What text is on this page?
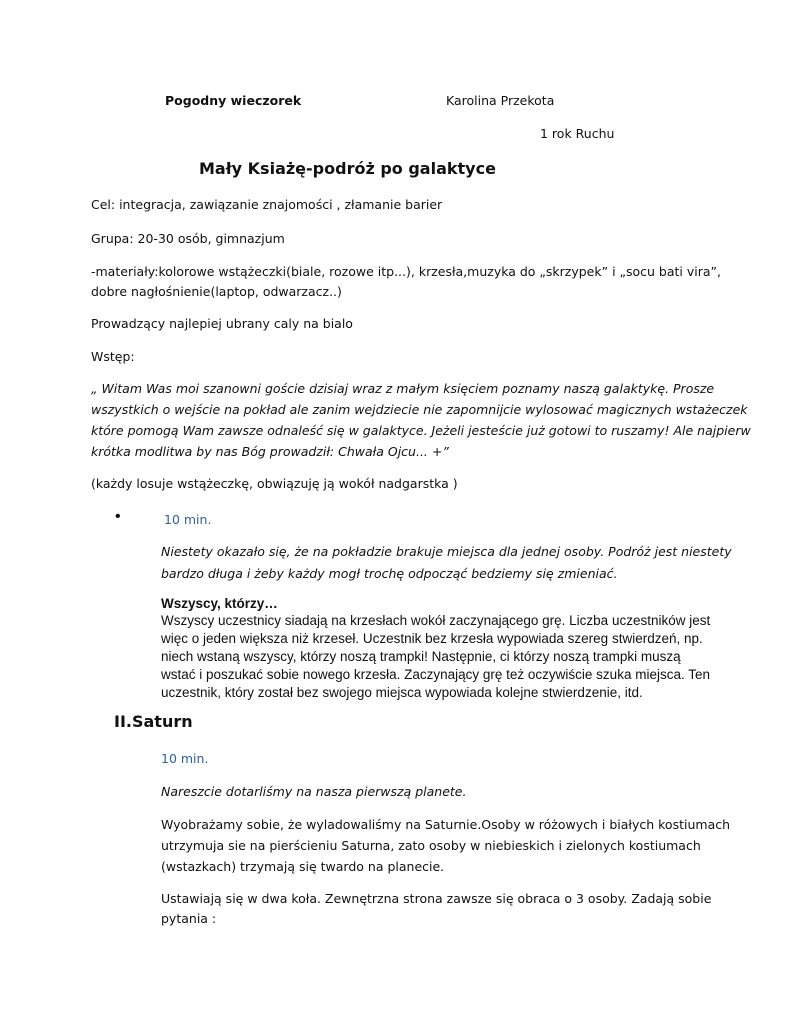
Pogodny wieczorek	Karolina Przekota
1 rok Ruchu
Mały Ksiażę-podróż po galaktyce
Cel: integracja, zawiązanie znajomości , złamanie barier
Grupa: 20-30 osób, gimnazjum
-materiały:kolorowe wstążeczki(biale, rozowe itp...), krzesła,muzyka do „skrzypek” i „socu bati vira”,
dobre nagłośnienie(laptop, odwarzacz..)
Prowadzący najlepiej ubrany caly na bialo
Wstęp:
„ Witam Was moi szanowni goście dzisiaj wraz z małym księciem poznamy naszą galaktykę. Prosze
wszystkich o wejście na pokład ale zanim wejdziecie nie zapomnijcie wylosować magicznych wstażeczek
które pomogą Wam zawsze odnaleść się w galaktyce. Jeżeli jesteście już gotowi to ruszamy! Ale najpierw
krótka modlitwa by nas Bóg prowadził: Chwała Ojcu... +”
(każdy losuje wstążeczkę, obwiązuję ją wokół nadgarstka )
•	10 min.
Niestety okazało się, że na pokładzie brakuje miejsca dla jednej osoby. Podróż jest niestety
bardzo długa i żeby każdy mogł trochę odpocząć bedziemy się zmieniać.
Wszyscy, którzy…
Wszyscy uczestnicy siadają na krzesłach wokół zaczynającego grę. Liczba uczestników jest
więc o jeden większa niż krzeseł. Uczestnik bez krzesła wypowiada szereg stwierdzeń, np.
niech wstaną wszyscy, którzy noszą trampki! Następnie, ci którzy noszą trampki muszą
wstać i poszukać sobie nowego krzesła. Zaczynający grę też oczywiście szuka miejsca. Ten
uczestnik, który został bez swojego miejsca wypowiada kolejne stwierdzenie, itd.
II.Saturn
10 min.
Nareszcie dotarliśmy na nasza pierwszą planete.
Wyobrażamy sobie, że wyladowaliśmy na Saturnie.Osoby w różowych i białych kostiumach
utrzymuja sie na pierścieniu Saturna, zato osoby w niebieskich i zielonych kostiumach
(wstazkach) trzymają się twardo na planecie.
Ustawiają się w dwa koła. Zewnętrzna strona zawsze się obraca o 3 osoby. Zadają sobie
pytania :
